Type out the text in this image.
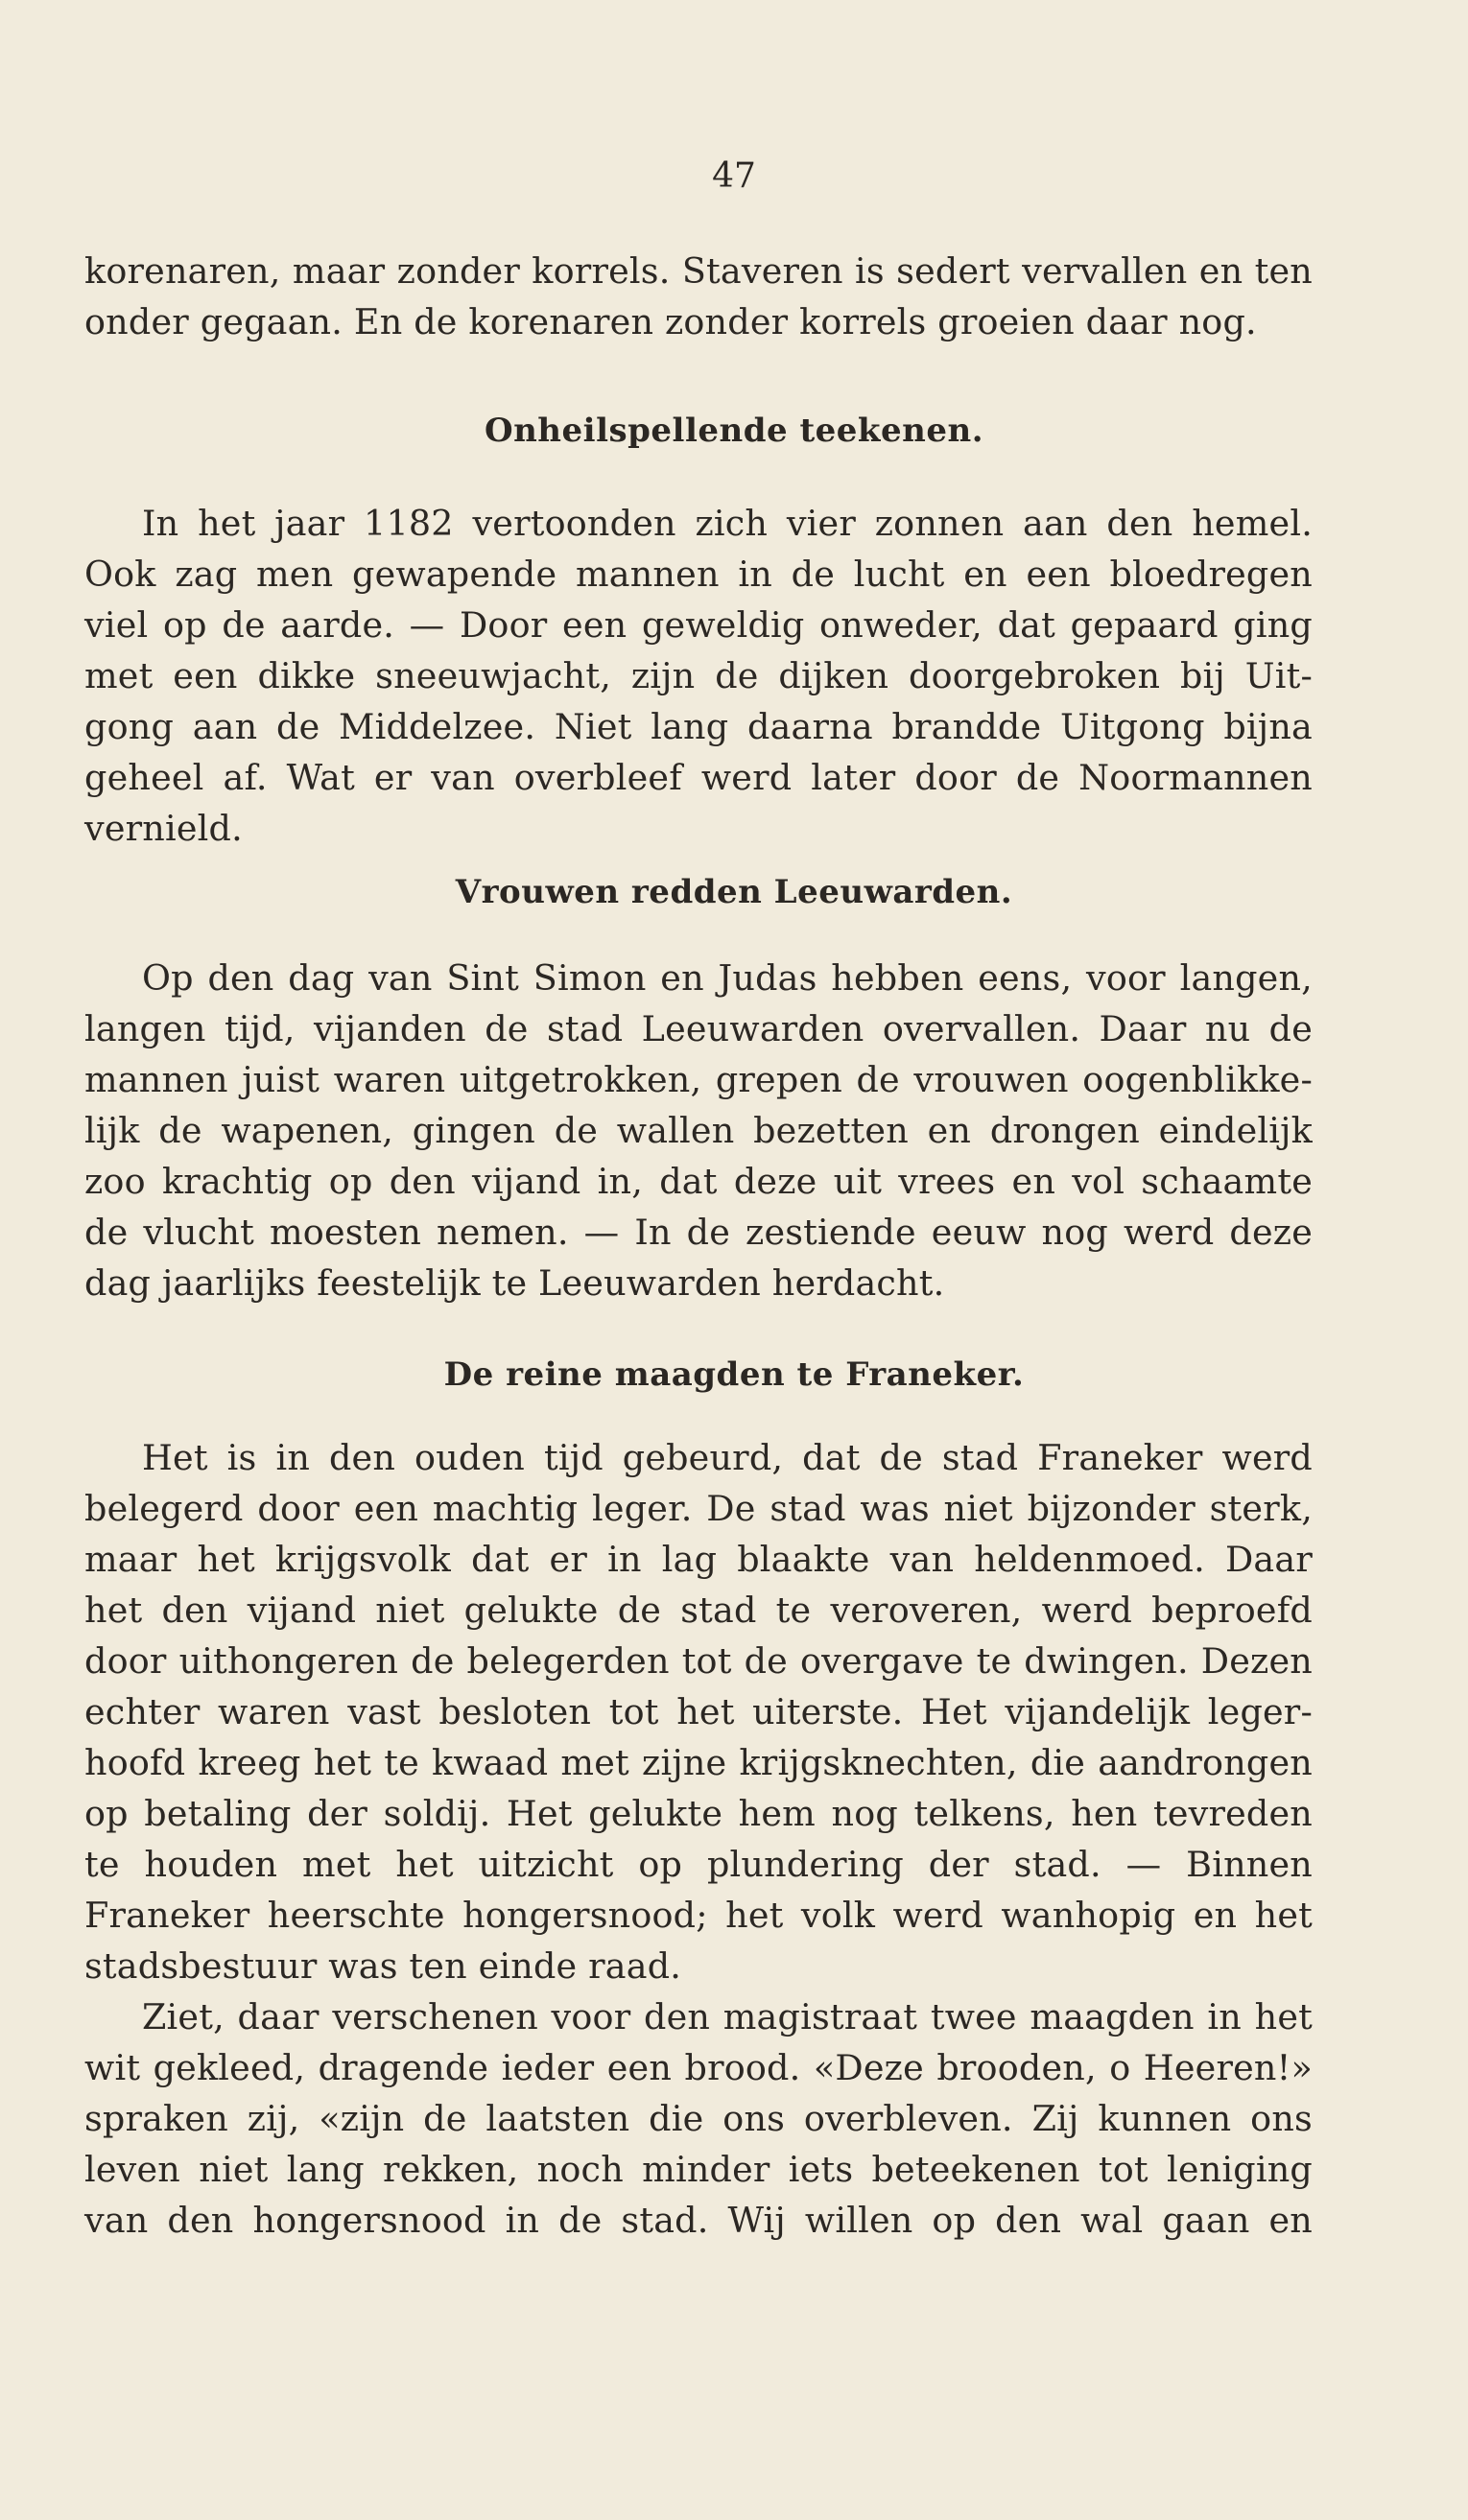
47
korenaren, maar zonder korrels. Staveren is sedert vervallen en ten
onder gegaan. En de korenaren zonder korrels groeien daar nog.
Onheilspellende teekenen.
In het jaar 1182 vertoonden zich vier zonnen aan den hemel.
Ook zag men gewapende mannen in de lucht en een bloedregen
viel op de aarde. — Door een geweldig onweder, dat gepaard ging
met een dikke sneeuwjacht, zijn de dijken doorgebroken bij Uit-
gong aan de Middelzee. Niet lang daarna brandde Uitgong bijna
geheel af. Wat er van overbleef werd later door de Noormannen
vernield.
Vrouwen redden Leeuwarden.
Op den dag van Sint Simon en Judas hebben eens, voor langen,
langen tijd, vijanden de stad Leeuwarden overvallen. Daar nu de
mannen juist waren uitgetrokken, grepen de vrouwen oogenblikke-
lijk de wapenen, gingen de wallen bezetten en drongen eindelijk
zoo krachtig op den vijand in, dat deze uit vrees en vol schaamte
de vlucht moesten nemen. — In de zestiende eeuw nog werd deze
dag jaarlijks feestelijk te Leeuwarden herdacht.
De reine maagden te Franeker.
Het is in den ouden tijd gebeurd, dat de stad Franeker werd
belegerd door een machtig leger. De stad was niet bijzonder sterk,
maar het krijgsvolk dat er in lag blaakte van heldenmoed. Daar
het den vijand niet gelukte de stad te veroveren, werd beproefd
door uithongeren de belegerden tot de overgave te dwingen. Dezen
echter waren vast besloten tot het uiterste. Het vijandelijk leger-
hoofd kreeg het te kwaad met zijne krijgsknechten, die aandrongen
op betaling der soldij. Het gelukte hem nog telkens, hen tevreden
te houden met het uitzicht op plundering der stad. — Binnen
Franeker heerschte hongersnood; het volk werd wanhopig en het
stadsbestuur was ten einde raad.
Ziet, daar verschenen voor den magistraat twee maagden in het
wit gekleed, dragende ieder een brood. «Deze brooden, o Heeren!»
spraken zij, «zijn de laatsten die ons overbleven. Zij kunnen ons
leven niet lang rekken, noch minder iets beteekenen tot leniging
van den hongersnood in de stad. Wij willen op den wal gaan en
